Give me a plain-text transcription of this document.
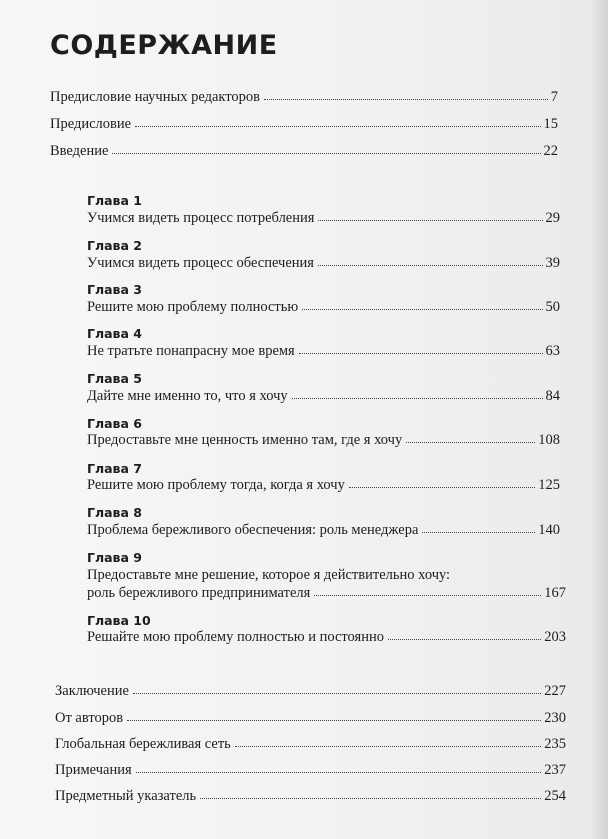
СОДЕРЖАНИЕ
Предисловие научных редакторов	7
Предисловие	15
Введение	22
Глава 1
Учимся видеть процесс потребления	29
Глава 2
Учимся видеть процесс обеспечения	39
Глава 3
Решите мою проблему полностью	50
Глава 4
Не тратьте понапрасну мое время	63
Глава 5
Дайте мне именно то, что я хочу	84
Глава 6
Предоставьте мне ценность именно там, где я хочу	108
Глава 7
Решите мою проблему тогда, когда я хочу	125
Глава 8
Проблема бережливого обеспечения: роль менеджера	140
Глава 9
Предоставьте мне решение, которое я действительно хочу:
роль бережливого предпринимателя	167
Глава 10
Решайте мою проблему полностью и постоянно	203
Заключение	227
От авторов	230
Глобальная бережливая сеть	235
Примечания	237
Предметный указатель	254
